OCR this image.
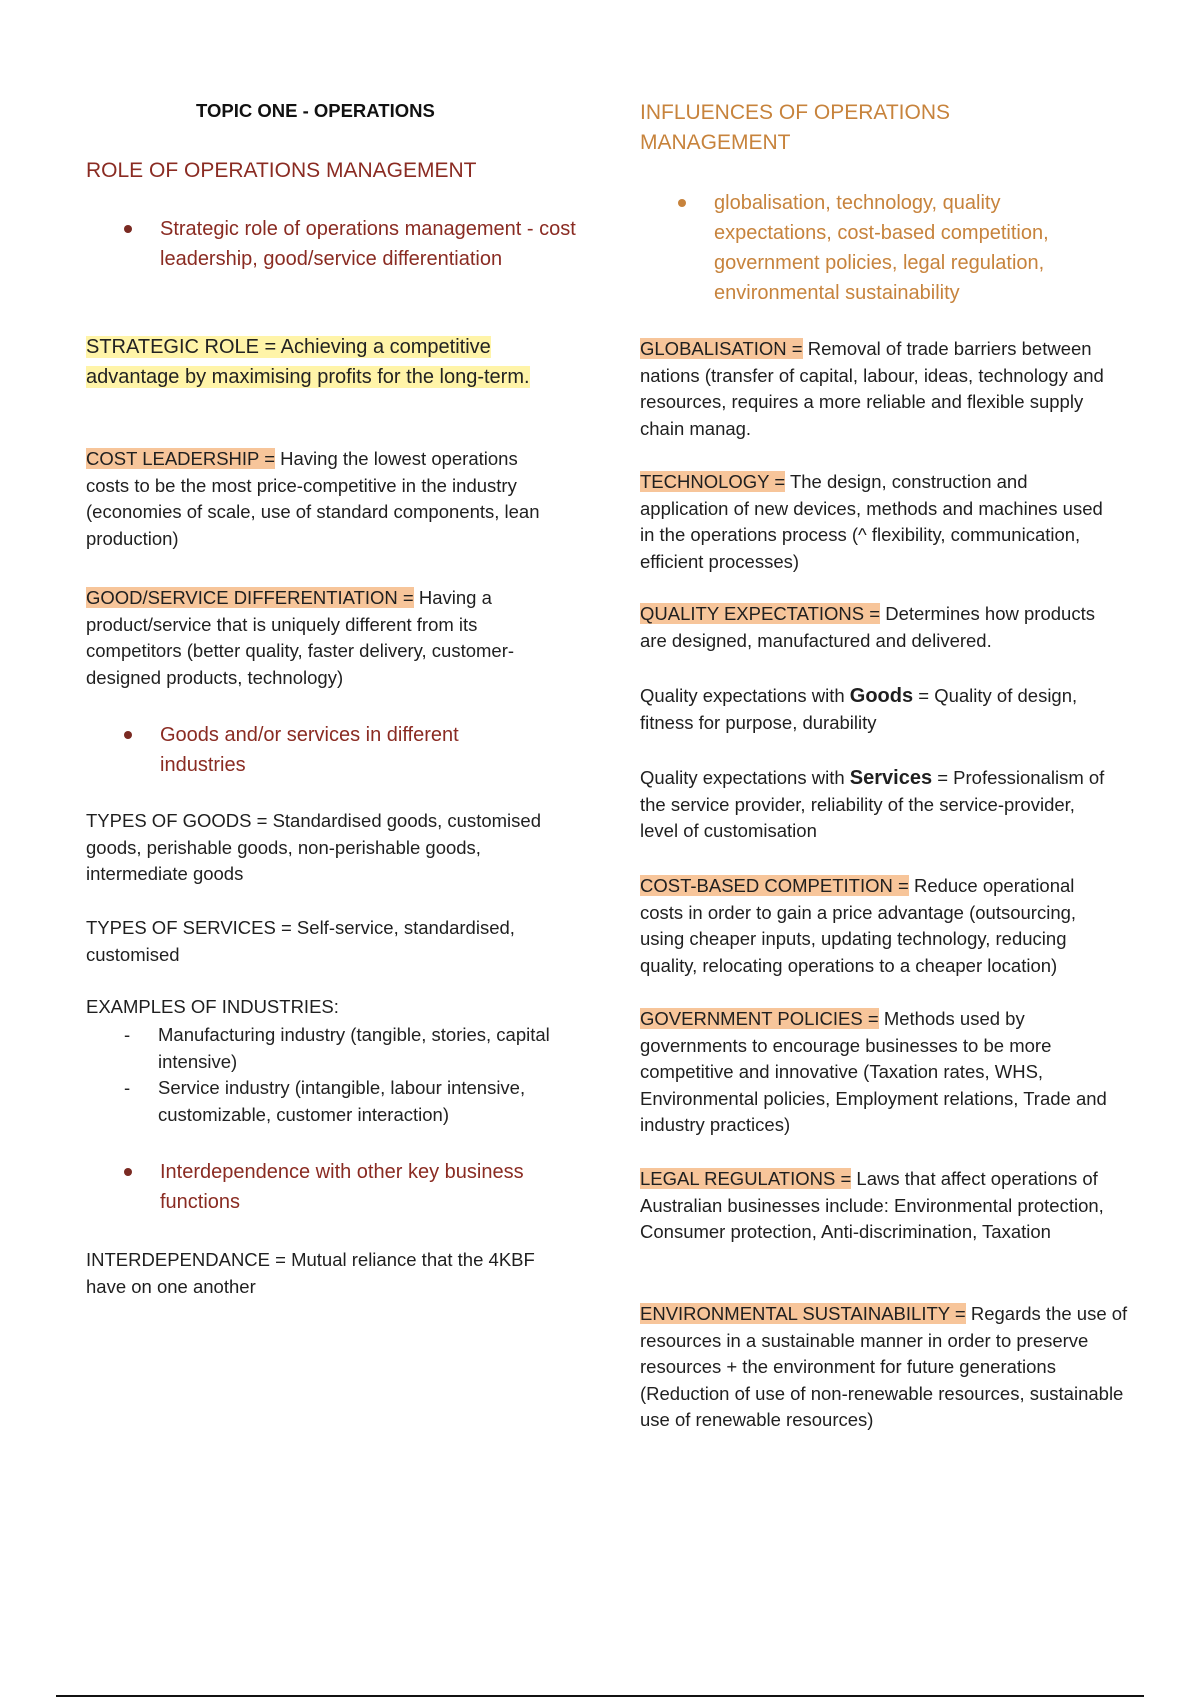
TOPIC ONE - OPERATIONS
ROLE OF OPERATIONS MANAGEMENT
Strategic role of operations management - cost leadership, good/service differentiation
STRATEGIC ROLE = Achieving a competitive advantage by maximising profits for the long-term.
COST LEADERSHIP = Having the lowest operations costs to be the most price-competitive in the industry (economies of scale, use of standard components, lean production)
GOOD/SERVICE DIFFERENTIATION = Having a product/service that is uniquely different from its competitors (better quality, faster delivery, customer-designed products, technology)
Goods and/or services in different industries
TYPES OF GOODS = Standardised goods, customised goods, perishable goods, non-perishable goods, intermediate goods
TYPES OF SERVICES = Self-service, standardised, customised
EXAMPLES OF INDUSTRIES:
- Manufacturing industry (tangible, stories, capital intensive)
- Service industry (intangible, labour intensive, customizable, customer interaction)
Interdependence with other key business functions
INTERDEPENDANCE = Mutual reliance that the 4KBF have on one another
INFLUENCES OF OPERATIONS MANAGEMENT
globalisation, technology, quality expectations, cost-based competition, government policies, legal regulation, environmental sustainability
GLOBALISATION = Removal of trade barriers between nations (transfer of capital, labour, ideas, technology and resources, requires a more reliable and flexible supply chain manag.
TECHNOLOGY = The design, construction and application of new devices, methods and machines used in the operations process (^ flexibility, communication, efficient processes)
QUALITY EXPECTATIONS = Determines how products are designed, manufactured and delivered.
Quality expectations with Goods = Quality of design, fitness for purpose, durability
Quality expectations with Services = Professionalism of the service provider, reliability of the service-provider, level of customisation
COST-BASED COMPETITION = Reduce operational costs in order to gain a price advantage (outsourcing, using cheaper inputs, updating technology, reducing quality, relocating operations to a cheaper location)
GOVERNMENT POLICIES = Methods used by governments to encourage businesses to be more competitive and innovative (Taxation rates, WHS, Environmental policies, Employment relations, Trade and industry practices)
LEGAL REGULATIONS = Laws that affect operations of Australian businesses include: Environmental protection, Consumer protection, Anti-discrimination, Taxation
ENVIRONMENTAL SUSTAINABILITY = Regards the use of resources in a sustainable manner in order to preserve resources + the environment for future generations (Reduction of use of non-renewable resources, sustainable use of renewable resources)
